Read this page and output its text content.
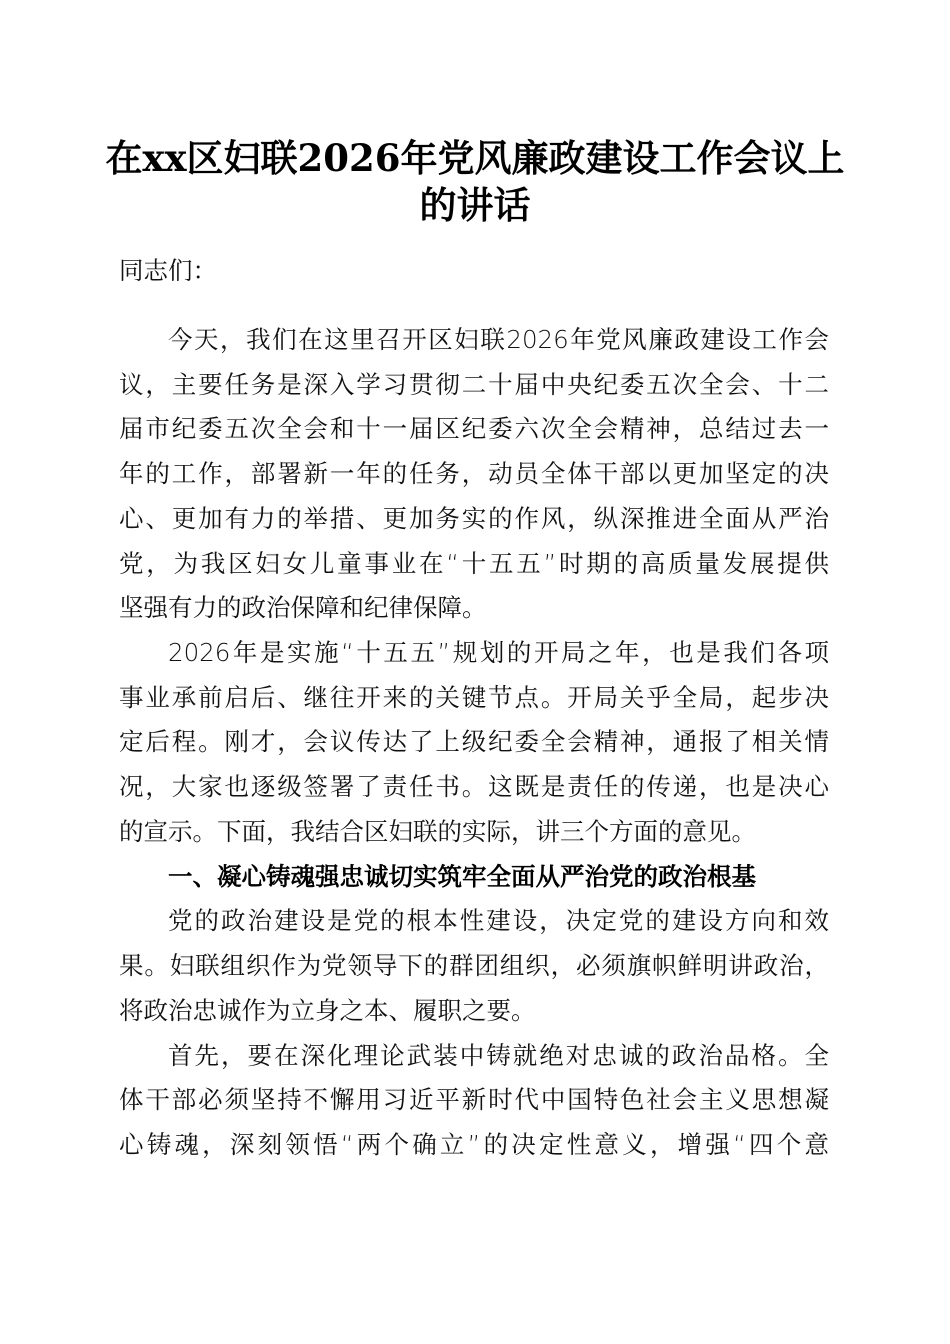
在xx区妇联2026年党风廉政建设工作会议上
的讲话
同志们：
今天，我们在这里召开区妇联2026年党风廉政建设工作会
议，主要任务是深入学习贯彻二十届中央纪委五次全会、十二
届市纪委五次全会和十一届区纪委六次全会精神，总结过去一
年的工作，部署新一年的任务，动员全体干部以更加坚定的决
心、更加有力的举措、更加务实的作风，纵深推进全面从严治
党，为我区妇女儿童事业在“十五五”时期的高质量发展提供
坚强有力的政治保障和纪律保障。
2026年是实施“十五五”规划的开局之年，也是我们各项
事业承前启后、继往开来的关键节点。开局关乎全局，起步决
定后程。刚才，会议传达了上级纪委全会精神，通报了相关情
况，大家也逐级签署了责任书。这既是责任的传递，也是决心
的宣示。下面，我结合区妇联的实际，讲三个方面的意见。
一、凝心铸魂强忠诚切实筑牢全面从严治党的政治根基
党的政治建设是党的根本性建设，决定党的建设方向和效
果。妇联组织作为党领导下的群团组织，必须旗帜鲜明讲政治，
将政治忠诚作为立身之本、履职之要。
首先，要在深化理论武装中铸就绝对忠诚的政治品格。全
体干部必须坚持不懈用习近平新时代中国特色社会主义思想凝
心铸魂，深刻领悟“两个确立”的决定性意义，增强“四个意
